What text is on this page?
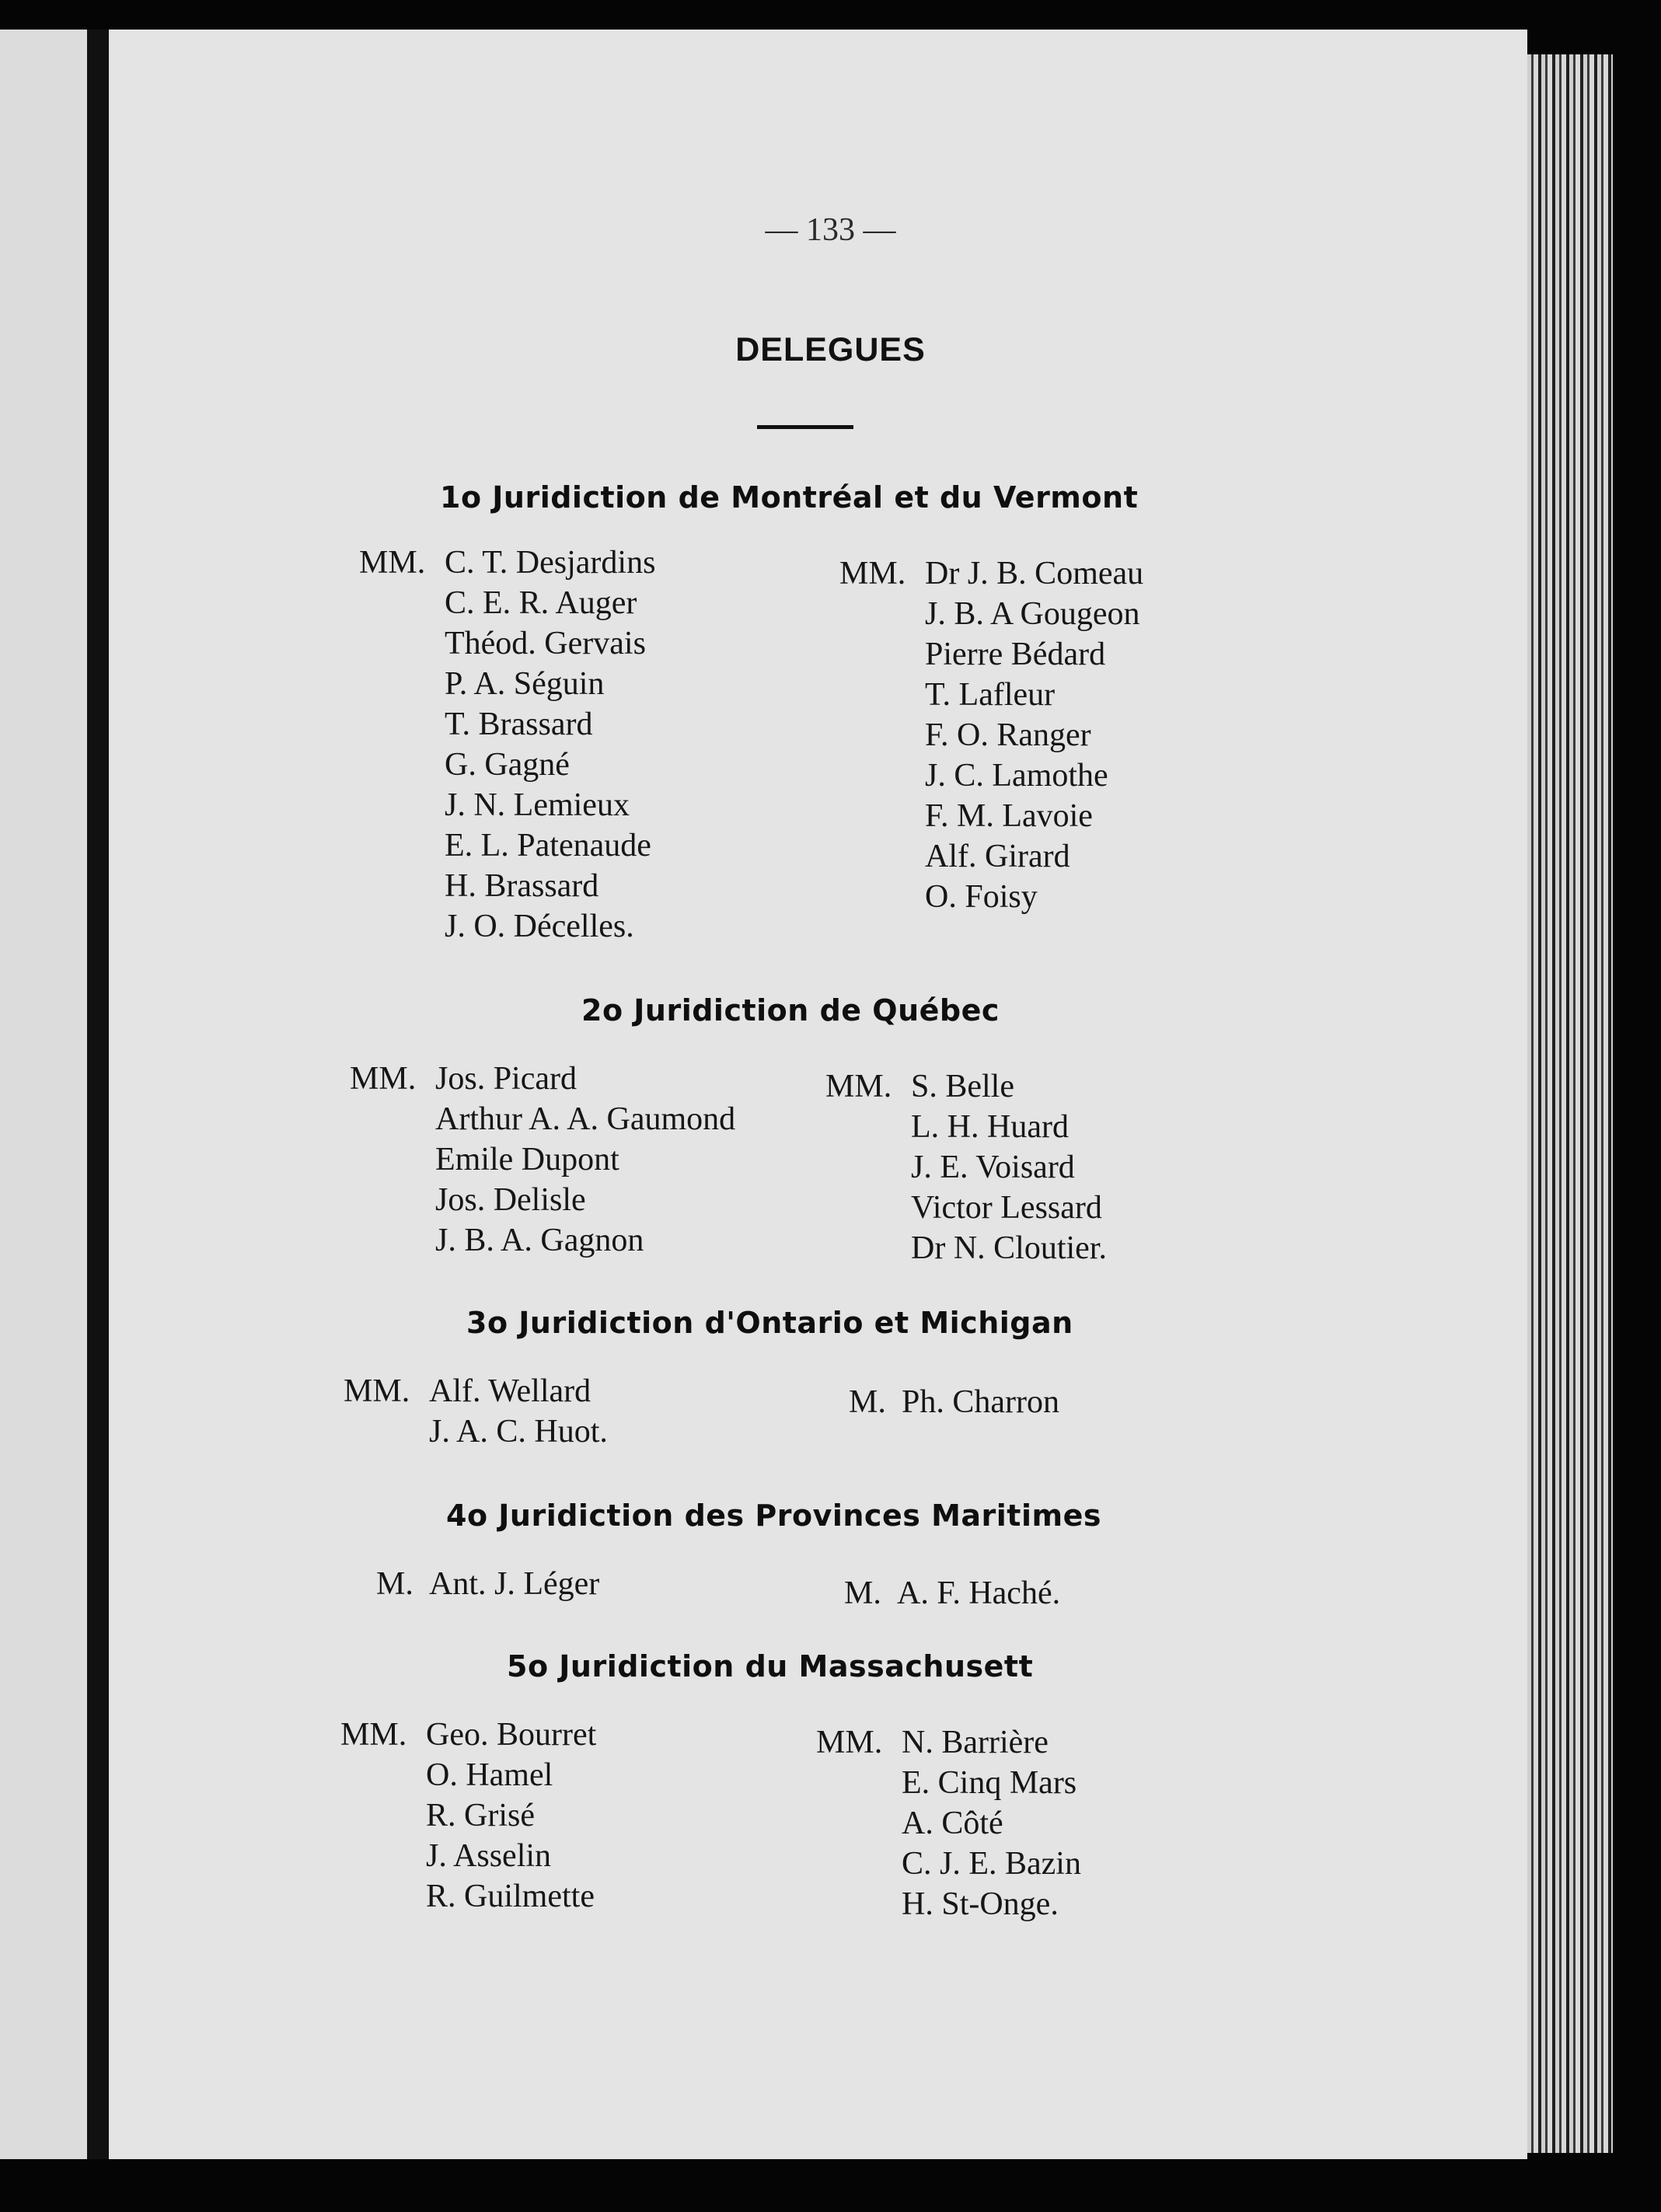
— 133 —
DELEGUES
1o Juridiction de Montréal et du Vermont
MM. C. T. Desjardins
C. E. R. Auger
Théod. Gervais
P. A. Séguin
T. Brassard
G. Gagné
J. N. Lemieux
E. L. Patenaude
H. Brassard
J. O. Décelles.
MM. Dr J. B. Comeau
J. B. A Gougeon
Pierre Bédard
T. Lafleur
F. O. Ranger
J. C. Lamothe
F. M. Lavoie
Alf. Girard
O. Foisy
2o Juridiction de Québec
MM. Jos. Picard
Arthur A. A. Gaumond
Emile Dupont
Jos. Delisle
J. B. A. Gagnon
MM. S. Belle
L. H. Huard
J. E. Voisard
Victor Lessard
Dr N. Cloutier.
3o Juridiction d'Ontario et Michigan
MM. Alf. Wellard
J. A. C. Huot.
M. Ph. Charron
4o Juridiction des Provinces Maritimes
M. Ant. J. Léger	M. A. F. Haché.
5o Juridiction du Massachusett
MM. Geo. Bourret
O. Hamel
R. Grisé
J. Asselin
R. Guilmette
MM. N. Barrière
E. Cinq Mars
A. Côté
C. J. E. Bazin
H. St-Onge.
